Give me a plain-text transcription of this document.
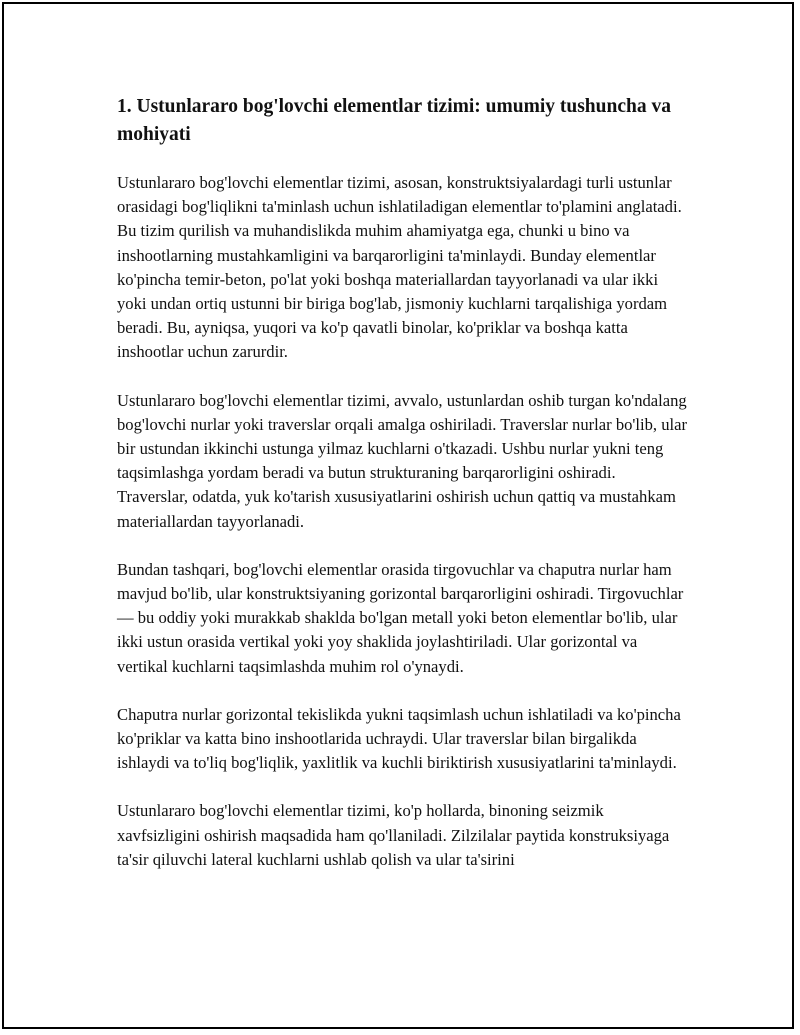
1. Ustunlararo bog'lovchi elementlar tizimi: umumiy tushuncha va mohiyati

Ustunlararo bog'lovchi elementlar tizimi, asosan, konstruktsiyalardagi turli ustunlar orasidagi bog'liqlikni ta'minlash uchun ishlatiladigan elementlar to'plamini anglatadi. Bu tizim qurilish va muhandislikda muhim ahamiyatga ega, chunki u bino va inshootlarning mustahkamligini va barqarorligini ta'minlaydi. Bunday elementlar ko'pincha temir-beton, po'lat yoki boshqa materiallardan tayyorlanadi va ular ikki yoki undan ortiq ustunni bir biriga bog'lab, jismoniy kuchlarni tarqalishiga yordam beradi. Bu, ayniqsa, yuqori va ko'p qavatli binolar, ko'priklar va boshqa katta inshootlar uchun zarurdir.

Ustunlararo bog'lovchi elementlar tizimi, avvalo, ustunlardan oshib turgan ko'ndalang bog'lovchi nurlar yoki traverslar orqali amalga oshiriladi. Traverslar nurlar bo'lib, ular bir ustundan ikkinchi ustunga yilmaz kuchlarni o'tkazadi. Ushbu nurlar yukni teng taqsimlashga yordam beradi va butun strukturaning barqarorligini oshiradi. Traverslar, odatda, yuk ko'tarish xususiyatlarini oshirish uchun qattiq va mustahkam materiallardan tayyorlanadi.

Bundan tashqari, bog'lovchi elementlar orasida tirgovuchlar va chaputra nurlar ham mavjud bo'lib, ular konstruktsiyaning gorizontal barqarorligini oshiradi. Tirgovuchlar — bu oddiy yoki murakkab shaklda bo'lgan metall yoki beton elementlar bo'lib, ular ikki ustun orasida vertikal yoki yoy shaklida joylashtiriladi. Ular gorizontal va vertikal kuchlarni taqsimlashda muhim rol o'ynaydi.

Chaputra nurlar gorizontal tekislikda yukni taqsimlash uchun ishlatiladi va ko'pincha ko'priklar va katta bino inshootlarida uchraydi. Ular traverslar bilan birgalikda ishlaydi va to'liq bog'liqlik, yaxlitlik va kuchli biriktirish xususiyatlarini ta'minlaydi.

Ustunlararo bog'lovchi elementlar tizimi, ko'p hollarda, binoning seizmik xavfsizligini oshirish maqsadida ham qo'llaniladi. Zilzilalar paytida konstruksiyaga ta'sir qiluvchi lateral kuchlarni ushlab qolish va ular ta'sirini
